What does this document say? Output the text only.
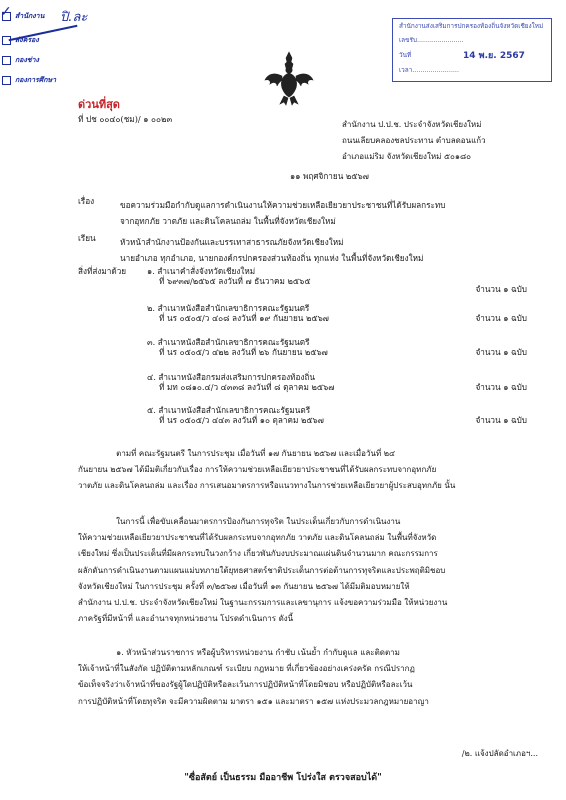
✓ สำนักงาน
ส่งครอง
กองช่าง
กองการศึกษา
ปิ.ละ
สำนักงานส่งเสริมการปกครองท้องถิ่นจังหวัดเชียงใหม่
เลขรับ.......................
วันที่	14 พ.ย. 2567
เวลา.......................
ด่วนที่สุด
ที่ ปช ๐๐๔๐(ชม)/ ๑ ๐๐๒๓
สำนักงาน ป.ป.ช. ประจำจังหวัดเชียงใหม่
ถนนเลียบคลองชลประทาน ตำบลดอนแก้ว
อำเภอแม่ริม จังหวัดเชียงใหม่ ๕๐๑๘๐
๑๑ พฤศจิกายน ๒๕๖๗
เรื่อง	ขอความร่วมมือกำกับดูแลการดำเนินงานให้ความช่วยเหลือเยียวยาประชาชนที่ได้รับผลกระทบ
จากอุทกภัย วาตภัย และดินโคลนถล่ม ในพื้นที่จังหวัดเชียงใหม่
เรียน	หัวหน้าสำนักงานป้องกันและบรรเทาสาธารณภัยจังหวัดเชียงใหม่
นายอำเภอ ทุกอำเภอ, นายกองค์กรปกครองส่วนท้องถิ่น ทุกแห่ง ในพื้นที่จังหวัดเชียงใหม่
สิ่งที่ส่งมาด้วย	๑. สำเนาคำสั่งจังหวัดเชียงใหม่
ที่ ๖๙๓๗/๒๕๖๕ ลงวันที่ ๗ ธันวาคม ๒๕๖๕
จำนวน ๑ ฉบับ
๒. สำเนาหนังสือสำนักเลขาธิการคณะรัฐมนตรี
ที่ นร ๐๕๐๕/ว ๔๐๘ ลงวันที่ ๑๙ กันยายน ๒๕๖๗	จำนวน ๑ ฉบับ
๓. สำเนาหนังสือสำนักเลขาธิการคณะรัฐมนตรี
ที่ นร ๐๕๐๕/ว ๔๒๒ ลงวันที่ ๒๖ กันยายน ๒๕๖๗	จำนวน ๑ ฉบับ
๔. สำเนาหนังสือกรมส่งเสริมการปกครองท้องถิ่น
ที่ มท ๐๘๑๐.๔/ว ๔๓๓๘ ลงวันที่ ๘ ตุลาคม ๒๕๖๗	จำนวน ๑ ฉบับ
๕. สำเนาหนังสือสำนักเลขาธิการคณะรัฐมนตรี
ที่ นร ๐๕๐๕/ว ๔๔๓ ลงวันที่ ๑๐ ตุลาคม ๒๕๖๗	จำนวน ๑ ฉบับ
ตามที่ คณะรัฐมนตรี ในการประชุม เมื่อวันที่ ๑๗ กันยายน ๒๕๖๗ และเมื่อวันที่ ๒๔
กันยายน ๒๕๖๗ ได้มีมติเกี่ยวกับเรื่อง การให้ความช่วยเหลือเยียวยาประชาชนที่ได้รับผลกระทบจากอุทกภัย
วาตภัย และดินโคลนถล่ม และเรื่อง การเสนอมาตรการหรือแนวทางในการช่วยเหลือเยียวยาผู้ประสบอุทกภัย นั้น
ในการนี้ เพื่อขับเคลื่อนมาตรการป้องกันการทุจริต ในประเด็นเกี่ยวกับการดำเนินงาน
ให้ความช่วยเหลือเยียวยาประชาชนที่ได้รับผลกระทบจากอุทกภัย วาตภัย และดินโคลนถล่ม ในพื้นที่จังหวัด
เชียงใหม่ ซึ่งเป็นประเด็นที่มีผลกระทบในวงกว้าง เกี่ยวพันกับงบประมาณแผ่นดินจำนวนมาก คณะกรรมการ
ผลักดันการดำเนินงานตามแผนแม่บทภายใต้ยุทธศาสตร์ชาติประเด็นการต่อต้านการทุจริตและประพฤติมิชอบ
จังหวัดเชียงใหม่ ในการประชุม ครั้งที่ ๓/๒๕๖๗ เมื่อวันที่ ๑๓ กันยายน ๒๕๖๗ ได้มีมติมอบหมายให้
สำนักงาน ป.ป.ช. ประจำจังหวัดเชียงใหม่ ในฐานะกรรมการและเลขานุการ แจ้งขอความร่วมมือ ให้หน่วยงาน
ภาครัฐที่มีหน้าที่ และอำนาจทุกหน่วยงาน โปรดดำเนินการ ดังนี้
๑. หัวหน้าส่วนราชการ หรือผู้บริหารหน่วยงาน กำชับ เน้นย้ำ กำกับดูแล และติดตาม
ให้เจ้าหน้าที่ในสังกัด ปฏิบัติตามหลักเกณฑ์ ระเบียบ กฎหมาย ที่เกี่ยวข้องอย่างเคร่งครัด กรณีปรากฏ
ข้อเท็จจริงว่าเจ้าหน้าที่ของรัฐผู้ใดปฏิบัติหรือละเว้นการปฏิบัติหน้าที่โดยมิชอบ หรือปฏิบัติหรือละเว้น
การปฏิบัติหน้าที่โดยทุจริต จะมีความผิดตาม มาตรา ๑๕๑ และมาตรา ๑๕๗ แห่งประมวลกฎหมายอาญา
/๒. แจ้งปลัดอำเภอฯ...
"ซื่อสัตย์ เป็นธรรม มืออาชีพ โปร่งใส ตรวจสอบได้"
